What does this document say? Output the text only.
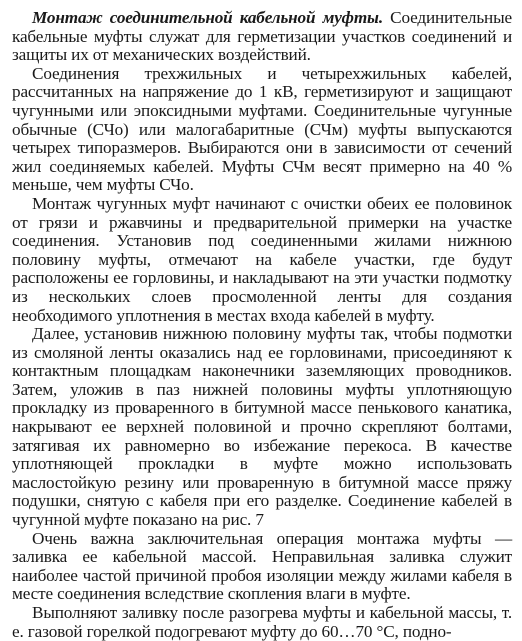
Монтаж соединительной кабельной муфты. Соединительные кабельные муфты служат для герметизации участков соединений и защиты их от механических воздействий.

Соединения трехжильных и четырехжильных кабелей, рассчитанных на напряжение до 1 кВ, герметизируют и защищают чугунными или эпоксидными муфтами. Соединительные чугунные обычные (СЧо) или малогабаритные (СЧм) муфты выпускаются четырех типоразмеров. Выбираются они в зависимости от сечений жил соединяемых кабелей. Муфты СЧм весят примерно на 40 % меньше, чем муфты СЧо.

Монтаж чугунных муфт начинают с очистки обеих ее половинок от грязи и ржавчины и предварительной примерки на участке соединения. Установив под соединенными жилами нижнюю половину муфты, отмечают на кабеле участки, где будут расположены ее горловины, и накладывают на эти участки подмотку из нескольких слоев просмоленной ленты для создания необходимого уплотнения в местах входа кабелей в муфту.

Далее, установив нижнюю половину муфты так, чтобы подмотки из смоляной ленты оказались над ее горловинами, присоединяют к контактным площадкам наконечники заземляющих проводников. Затем, уложив в паз нижней половины муфты уплотняющую прокладку из проваренного в битумной массе пенькового канатика, накрывают ее верхней половиной и прочно скрепляют болтами, затягивая их равномерно во избежание перекоса. В качестве уплотняющей прокладки в муфте можно использовать маслостойкую резину или проваренную в битумной массе пряжу подушки, снятую с кабеля при его разделке. Соединение кабелей в чугунной муфте показано на рис. 7

Очень важна заключительная операция монтажа муфты — заливка ее кабельной массой. Неправильная заливка служит наиболее частой причиной пробоя изоляции между жилами кабеля в месте соединения вследствие скопления влаги в муфте.

Выполняют заливку после разогрева муфты и кабельной массы, т. е. газовой горелкой подогревают муфту до 60…70 °С, подно-
